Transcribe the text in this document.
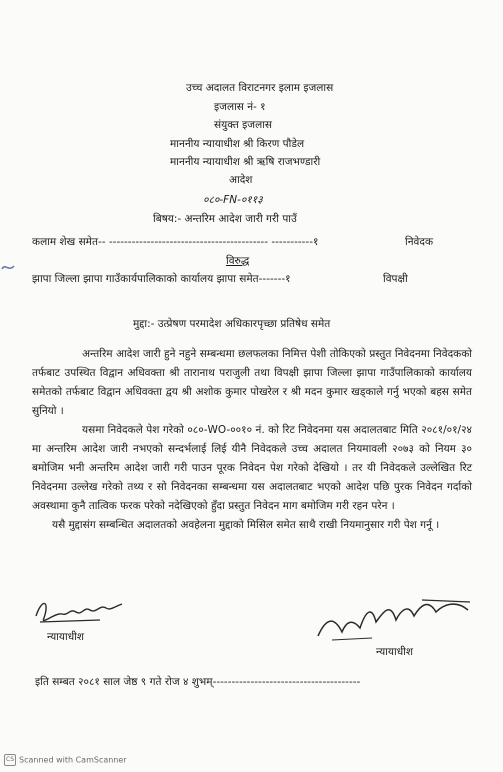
उच्च अदालत विराटनगर इलाम इजलास
इजलास नं- १
संयुक्त इजलास
माननीय न्यायाधीश श्री किरण पौडेल
माननीय न्यायाधीश श्री ऋषि राजभण्डारी
आदेश
०८०-FN-०११३
बिषय:- अन्तरिम आदेश जारी गरी पाउँ
कलाम शेख समेत-- ------------------------------------------ -----------१	निवेदक
विरुद्ध
झापा जिल्ला झापा गाउँकार्यपालिकाको कार्यालय झापा समेत-------१	विपक्षी
मुद्दा:- उत्प्रेषण परमादेश अधिकारपृच्छा प्रतिषेध समेत

अन्तरिम आदेश जारी हुने नहुने सम्बन्धमा छलफलका निमित्त पेशी तोकिएको प्रस्तुत निवेदनमा निवेदकको तर्फबाट उपस्थित विद्वान अधिवक्ता श्री तारानाथ पराजुली तथा विपक्षी झापा जिल्ला झापा गाउँपालिकाको कार्यालय समेतको तर्फबाट विद्वान अधिवक्ता द्वय श्री अशोक कुमार पोखरेल र श्री मदन कुमार खड्काले गर्नु भएको बहस समेत सुनियो ।

यसमा निवेदकले पेश गरेको ०८०-WO-००१० नं. को रिट निवेदनमा यस अदालतबाट मिति २०८१/०१/२४ मा अन्तरिम आदेश जारी नभएको सन्दर्भलाई लिई यीनै निवेदकले उच्च अदालत नियमावली २०७३ को नियम ३० बमोजिम भनी अन्तरिम आदेश जारी गरी पाउन पूरक निवेदन पेश गरेको देखियो । तर यी निवेदकले उल्लेखित रिट निवेदनमा उल्लेख गरेको तथ्य र सो निवेदनका सम्बन्धमा यस अदालतबाट भएको आदेश पछि पुरक निवेदन गर्दाको अवस्थामा कुनै तात्विक फरक परेको नदेखिएको हुँदा प्रस्तुत निवेदन माग बमोजिम गरी रहन परेन ।

यसै मुद्दासंग सम्बन्धित अदालतको अवहेलना मुद्दाको मिसिल समेत साथै राखी नियमानुसार गरी पेश गर्नू ।

न्यायाधीश
न्यायाधीश
इति सम्बत २०८१ साल जेष्ठ ९ गते रोज ४ शुभम्---------------------------------------
CS Scanned with CamScanner
